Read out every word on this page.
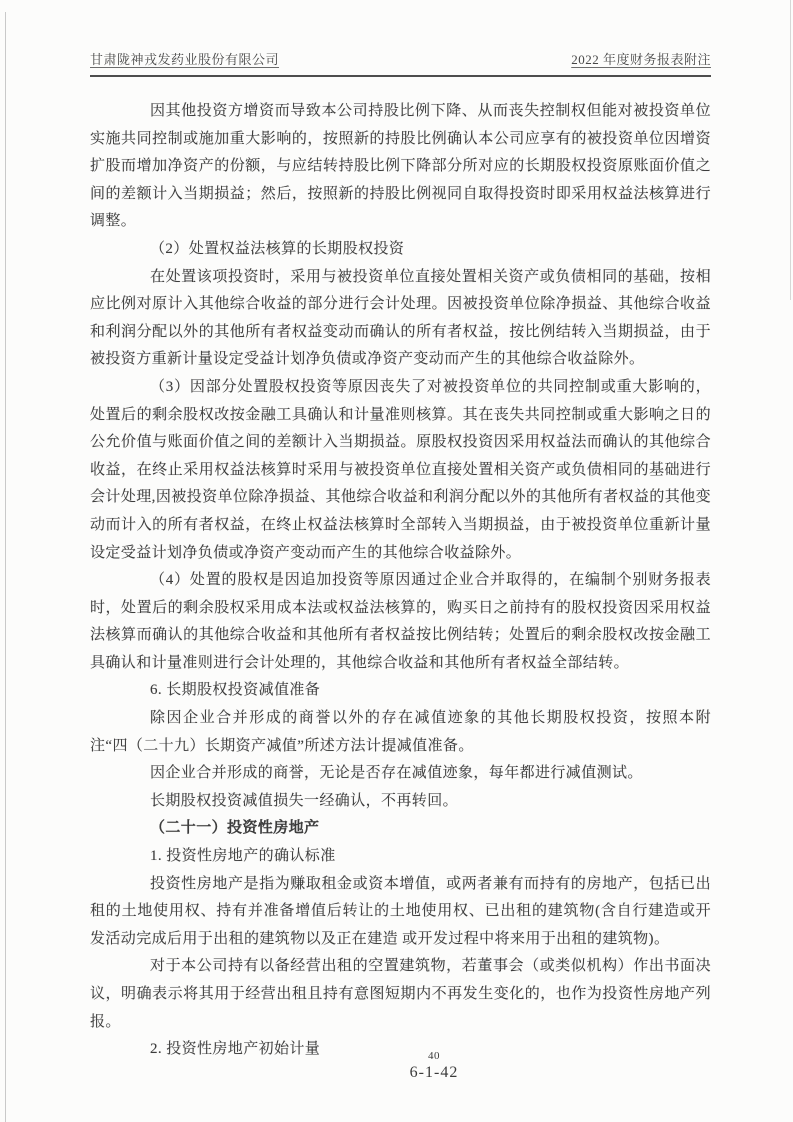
甘肃陇神戎发药业股份有限公司	2022 年度财务报表附注

因其他投资方增资而导致本公司持股比例下降、从而丧失控制权但能对被投资单位实施共同控制或施加重大影响的，按照新的持股比例确认本公司应享有的被投资单位因增资扩股而增加净资产的份额，与应结转持股比例下降部分所对应的长期股权投资原账面价值之间的差额计入当期损益；然后，按照新的持股比例视同自取得投资时即采用权益法核算进行调整。

（2）处置权益法核算的长期股权投资

在处置该项投资时，采用与被投资单位直接处置相关资产或负债相同的基础，按相应比例对原计入其他综合收益的部分进行会计处理。因被投资单位除净损益、其他综合收益和利润分配以外的其他所有者权益变动而确认的所有者权益，按比例结转入当期损益，由于被投资方重新计量设定受益计划净负债或净资产变动而产生的其他综合收益除外。

（3）因部分处置股权投资等原因丧失了对被投资单位的共同控制或重大影响的，处置后的剩余股权改按金融工具确认和计量准则核算。其在丧失共同控制或重大影响之日的公允价值与账面价值之间的差额计入当期损益。原股权投资因采用权益法而确认的其他综合收益，在终止采用权益法核算时采用与被投资单位直接处置相关资产或负债相同的基础进行会计处理,因被投资单位除净损益、其他综合收益和利润分配以外的其他所有者权益的其他变动而计入的所有者权益，在终止权益法核算时全部转入当期损益，由于被投资单位重新计量设定受益计划净负债或净资产变动而产生的其他综合收益除外。

（4）处置的股权是因追加投资等原因通过企业合并取得的，在编制个别财务报表时，处置后的剩余股权采用成本法或权益法核算的，购买日之前持有的股权投资因采用权益法核算而确认的其他综合收益和其他所有者权益按比例结转；处置后的剩余股权改按金融工具确认和计量准则进行会计处理的，其他综合收益和其他所有者权益全部结转。

6. 长期股权投资减值准备

除因企业合并形成的商誉以外的存在减值迹象的其他长期股权投资，按照本附注“四（二十九）长期资产减值”所述方法计提减值准备。

因企业合并形成的商誉，无论是否存在减值迹象，每年都进行减值测试。

长期股权投资减值损失一经确认，不再转回。

（二十一）投资性房地产

1. 投资性房地产的确认标准

投资性房地产是指为赚取租金或资本增值，或两者兼有而持有的房地产，包括已出租的土地使用权、持有并准备增值后转让的土地使用权、已出租的建筑物(含自行建造或开发活动完成后用于出租的建筑物以及正在建造 或开发过程中将来用于出租的建筑物)。

对于本公司持有以备经营出租的空置建筑物，若董事会（或类似机构）作出书面决议，明确表示将其用于经营出租且持有意图短期内不再发生变化的，也作为投资性房地产列报。

2. 投资性房地产初始计量	40
6-1-42
